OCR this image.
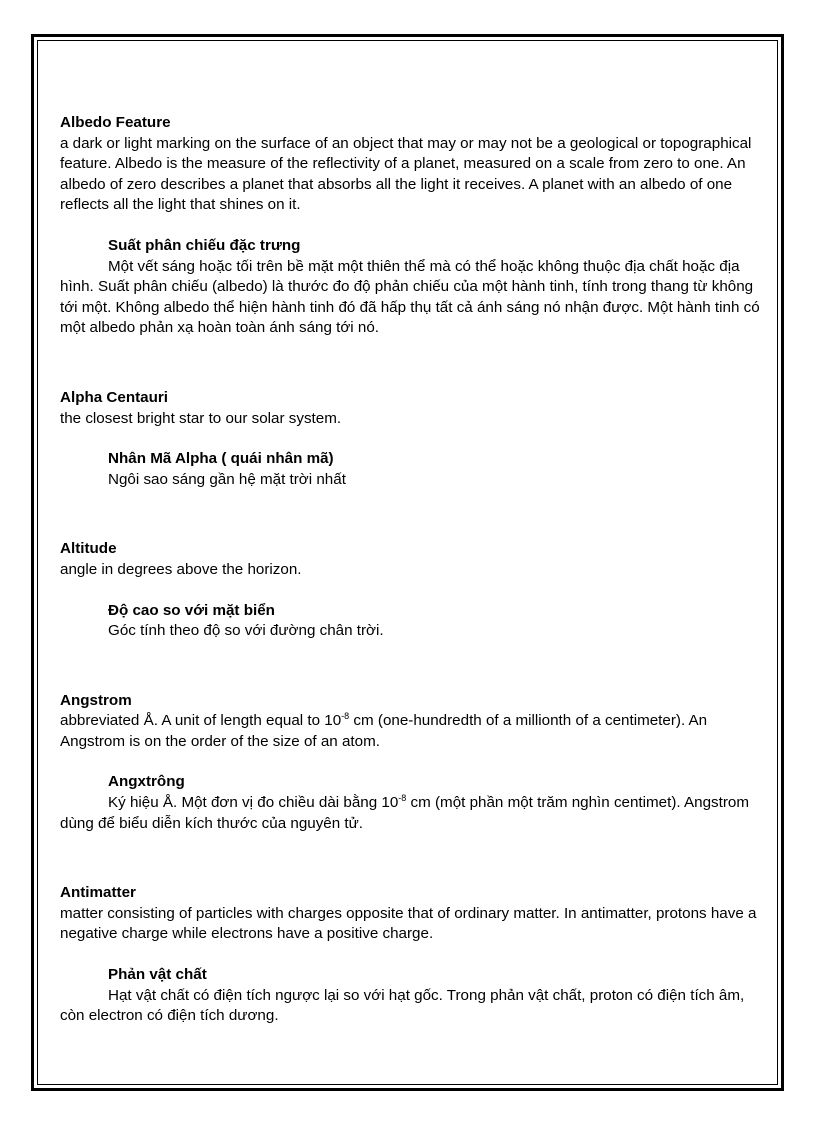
Albedo Feature

a dark or light marking on the surface of an object that may or may not be a geological or topographical feature. Albedo is the measure of the reflectivity of a planet, measured on a scale from zero to one. An albedo of zero describes a planet that absorbs all the light it receives. A planet with an albedo of one reflects all the light that shines on it.

Suất phân chiếu đặc trưng

Một vết sáng hoặc tối trên bề mặt một thiên thể mà có thể hoặc không thuộc địa chất hoặc địa hình. Suất phân chiếu (albedo) là thước đo độ phản chiếu của một hành tinh, tính trong thang từ không tới một. Không albedo thể hiện hành tinh đó đã hấp thụ tất cả ánh sáng nó nhận được. Một hành tinh có một albedo phản xạ hoàn toàn ánh sáng tới nó.

Alpha Centauri

the closest bright star to our solar system.

Nhân Mã Alpha ( quái nhân mã)

Ngôi sao sáng gần hệ mặt trời nhất

Altitude

angle in degrees above the horizon.

Độ cao so với mặt biển

Góc tính theo độ so với đường chân trời.

Angstrom

abbreviated Å. A unit of length equal to $10^{-8}$ cm (one-hundredth of a millionth of a centimeter). An Angstrom is on the order of the size of an atom.

Angxtrông

Ký hiệu Å. Một đơn vị đo chiều dài bằng $10^{-8}$ cm (một phần một trăm nghìn centimet). Angstrom dùng để biểu diễn kích thước của nguyên tử.

Antimatter

matter consisting of particles with charges opposite that of ordinary matter. In antimatter, protons have a negative charge while electrons have a positive charge.

Phản vật chất

Hạt vật chất có điện tích ngược lại so với hạt gốc. Trong phản vật chất, proton có điện tích âm, còn electron có điện tích dương.
